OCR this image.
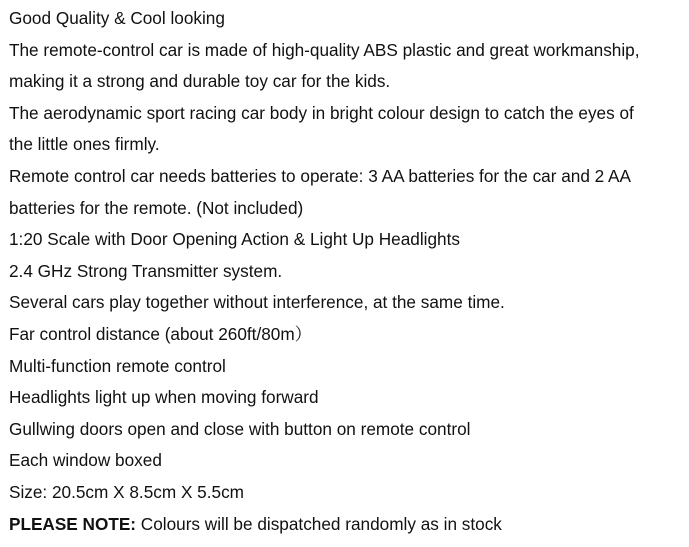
Good Quality & Cool looking

The remote-control car is made of high-quality ABS plastic and great workmanship,

making it a strong and durable toy car for the kids.

The aerodynamic sport racing car body in bright colour design to catch the eyes of

the little ones firmly.

Remote control car needs batteries to operate: 3 AA batteries for the car and 2 AA

batteries for the remote. (Not included)

1:20 Scale with Door Opening Action & Light Up Headlights

2.4 GHz Strong Transmitter system.

Several cars play together without interference, at the same time.

Far control distance (about 260ft/80m）

Multi-function remote control

Headlights light up when moving forward

Gullwing doors open and close with button on remote control

Each window boxed

Size: 20.5cm X 8.5cm X 5.5cm

PLEASE NOTE: Colours will be dispatched randomly as in stock
